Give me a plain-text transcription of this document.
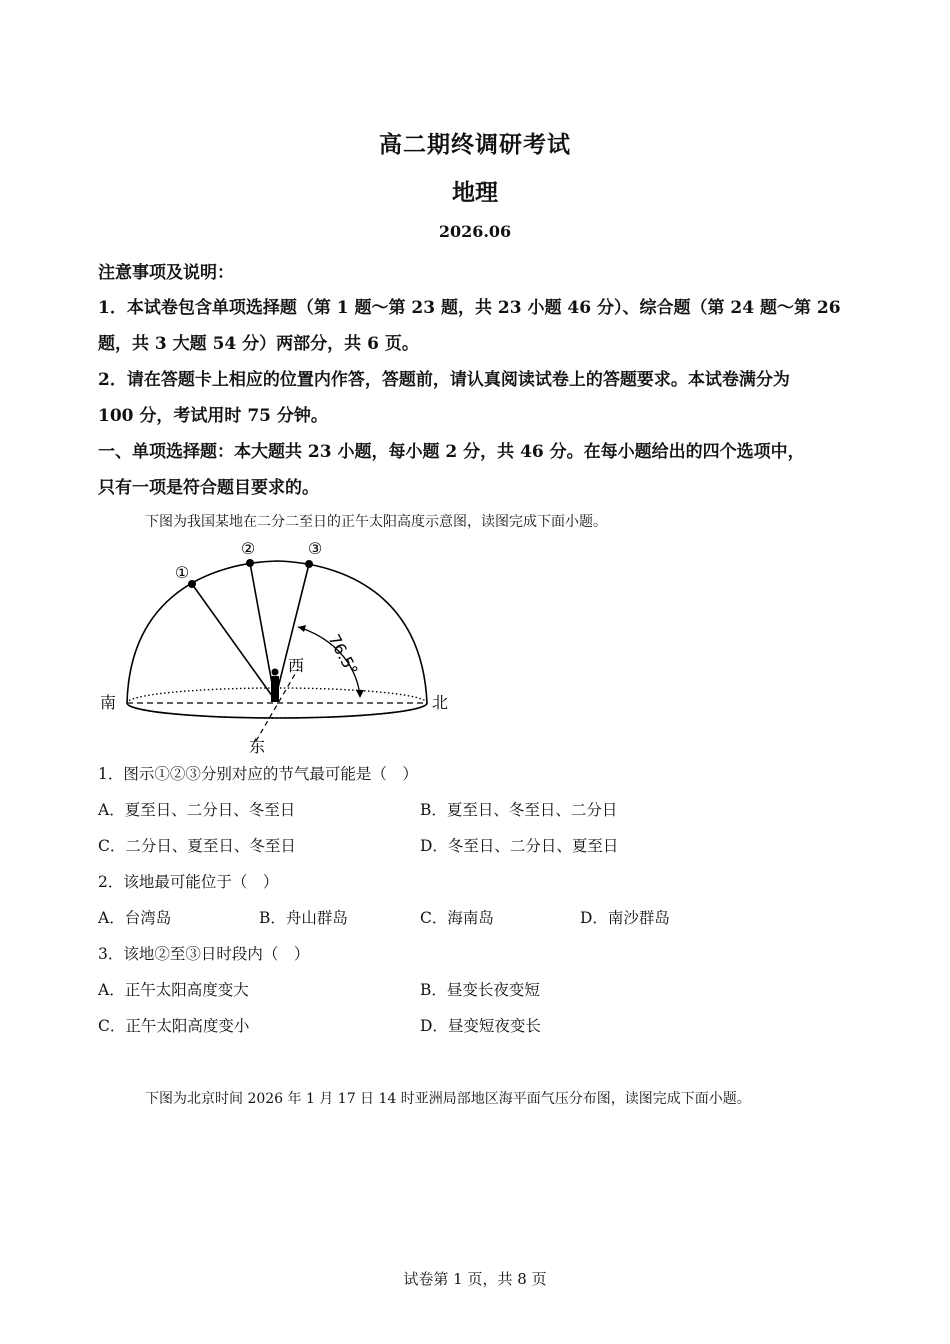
高二期终调研考试
地理
2026.06
注意事项及说明：
1．本试卷包含单项选择题（第 1 题～第 23 题，共 23 小题 46 分）、综合题（第 24 题～第 26
题，共 3 大题 54 分）两部分，共 6 页。
2．请在答题卡上相应的位置内作答，答题前，请认真阅读试卷上的答题要求。本试卷满分为
100 分，考试用时 75 分钟。
一、单项选择题：本大题共 23 小题，每小题 2 分，共 46 分。在每小题给出的四个选项中，
只有一项是符合题目要求的。
下图为我国某地在二分二至日的正午太阳高度示意图，读图完成下面小题。
①
②	③
76.5°
西
南	北
东
1．图示①②③分别对应的节气最可能是（　）
A．夏至日、二分日、冬至日	B．夏至日、冬至日、二分日
C．二分日、夏至日、冬至日	D．冬至日、二分日、夏至日
2．该地最可能位于（　）
A．台湾岛	B．舟山群岛	C．海南岛	D．南沙群岛
3．该地②至③日时段内（　）
A．正午太阳高度变大	B．昼变长夜变短
C．正午太阳高度变小	D．昼变短夜变长
下图为北京时间 2026 年 1 月 17 日 14 时亚洲局部地区海平面气压分布图，读图完成下面小题。
试卷第 1 页，共 8 页
